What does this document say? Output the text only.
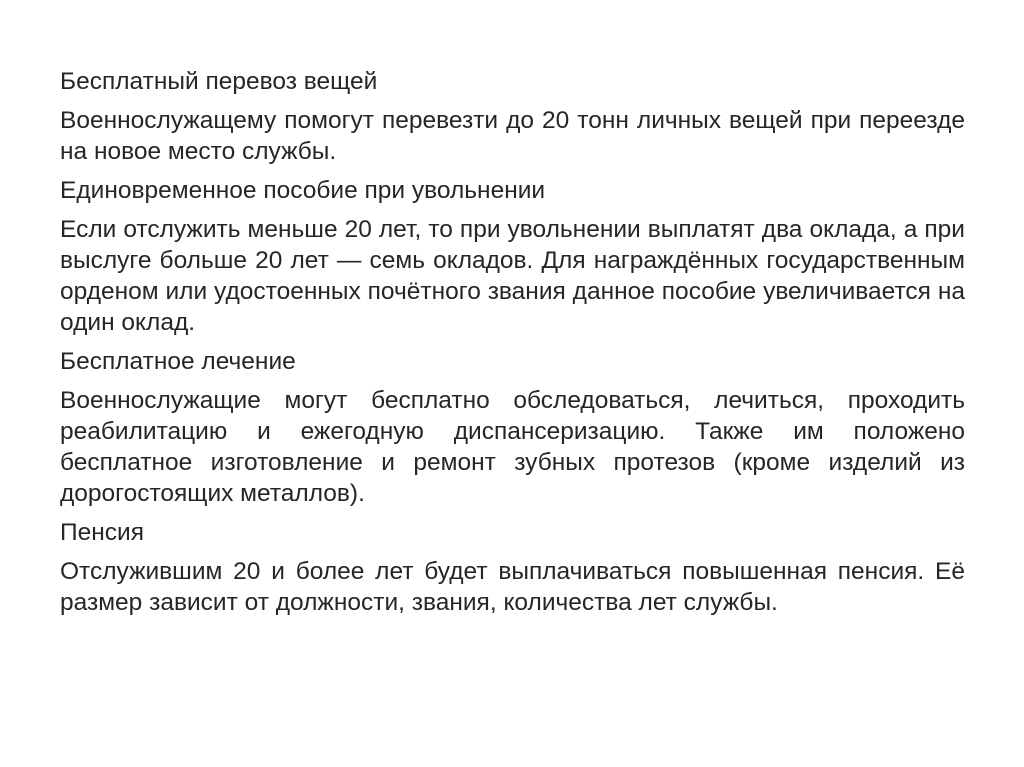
Бесплатный перевоз вещей

Военнослужащему помогут перевезти до 20 тонн личных вещей при переезде на новое место службы.

Единовременное пособие при увольнении

Если отслужить меньше 20 лет, то при увольнении выплатят два оклада, а при выслуге больше 20 лет — семь окладов. Для награждённых государственным орденом или удостоенных почётного звания данное пособие увеличивается на один оклад.

Бесплатное лечение

Военнослужащие могут бесплатно обследоваться, лечиться, проходить реабилитацию и ежегодную диспансеризацию. Также им положено бесплатное изготовление и ремонт зубных протезов (кроме изделий из дорогостоящих металлов).

Пенсия

Отслужившим 20 и более лет будет выплачиваться повышенная пенсия. Её размер зависит от должности, звания, количества лет службы.
